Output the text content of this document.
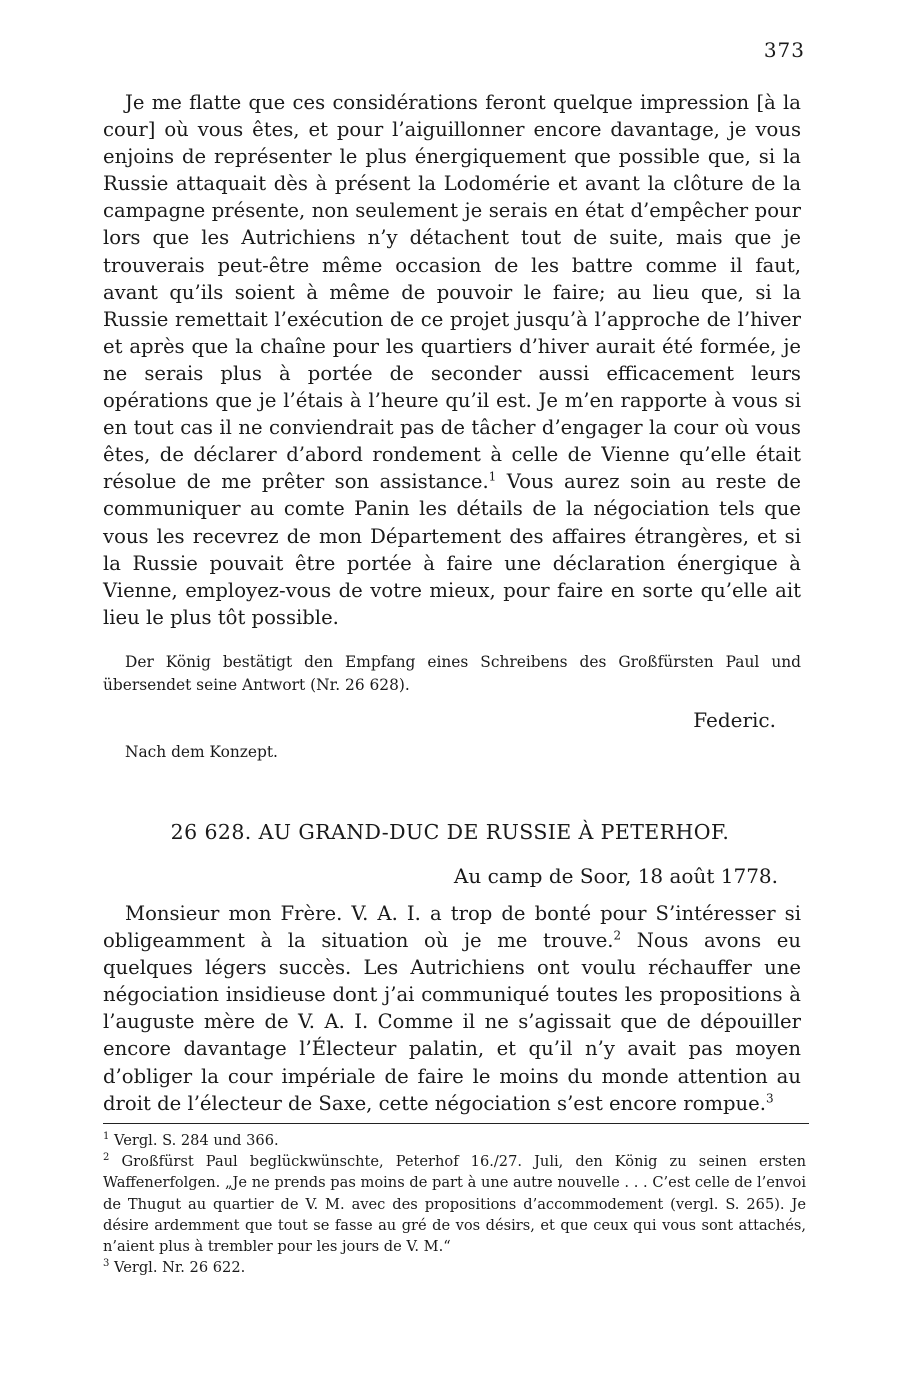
373

Je me flatte que ces considérations feront quelque impression [à la cour] où vous êtes, et pour l’aiguillonner encore davantage, je vous enjoins de représenter le plus énergiquement que possible que, si la Russie attaquait dès à présent la Lodomérie et avant la clôture de la campagne présente, non seulement je serais en état d’empêcher pour lors que les Autrichiens n’y détachent tout de suite, mais que je trouverais peut-être même occasion de les battre comme il faut, avant qu’ils soient à même de pouvoir le faire; au lieu que, si la Russie remettait l’exécution de ce projet jusqu’à l’approche de l’hiver et après que la chaîne pour les quartiers d’hiver aurait été formée, je ne serais plus à portée de seconder aussi efficacement leurs opérations que je l’étais à l’heure qu’il est. Je m’en rapporte à vous si en tout cas il ne conviendrait pas de tâcher d’engager la cour où vous êtes, de déclarer d’abord rondement à celle de Vienne qu’elle était résolue de me prêter son assistance.$^1$ Vous aurez soin au reste de communiquer au comte Panin les détails de la négociation tels que vous les recevrez de mon Département des affaires étrangères, et si la Russie pouvait être portée à faire une déclaration énergique à Vienne, employez-vous de votre mieux, pour faire en sorte qu’elle ait lieu le plus tôt possible.

Der König bestätigt den Empfang eines Schreibens des Großfürsten Paul und übersendet seine Antwort (Nr. 26 628).
Federic.
Nach dem Konzept.
26 628. AU GRAND-DUC DE RUSSIE À PETERHOF.
Au camp de Soor, 18 août 1778.

Monsieur mon Frère. V. A. I. a trop de bonté pour S’intéresser si obligeamment à la situation où je me trouve.$^2$ Nous avons eu quelques légers succès. Les Autrichiens ont voulu réchauffer une négociation insidieuse dont j’ai communiqué toutes les propositions à l’auguste mère de V. A. I. Comme il ne s’agissait que de dépouiller encore davantage l’Électeur palatin, et qu’il n’y avait pas moyen d’obliger la cour impériale de faire le moins du monde attention au droit de l’électeur de Saxe, cette négociation s’est encore rompue.$^3$

$^1$ Vergl. S. 284 und 366.
$^2$ Großfürst Paul beglückwünschte, Peterhof 16./27. Juli, den König zu seinen ersten Waffenerfolgen. „Je ne prends pas moins de part à une autre nouvelle . . . C’est celle de l’envoi de Thugut au quartier de V. M. avec des propositions d’accommodement (vergl. S. 265). Je désire ardemment que tout se fasse au gré de vos désirs, et que ceux qui vous sont attachés, n’aient plus à trembler pour les jours de V. M.“
$^3$ Vergl. Nr. 26 622.
